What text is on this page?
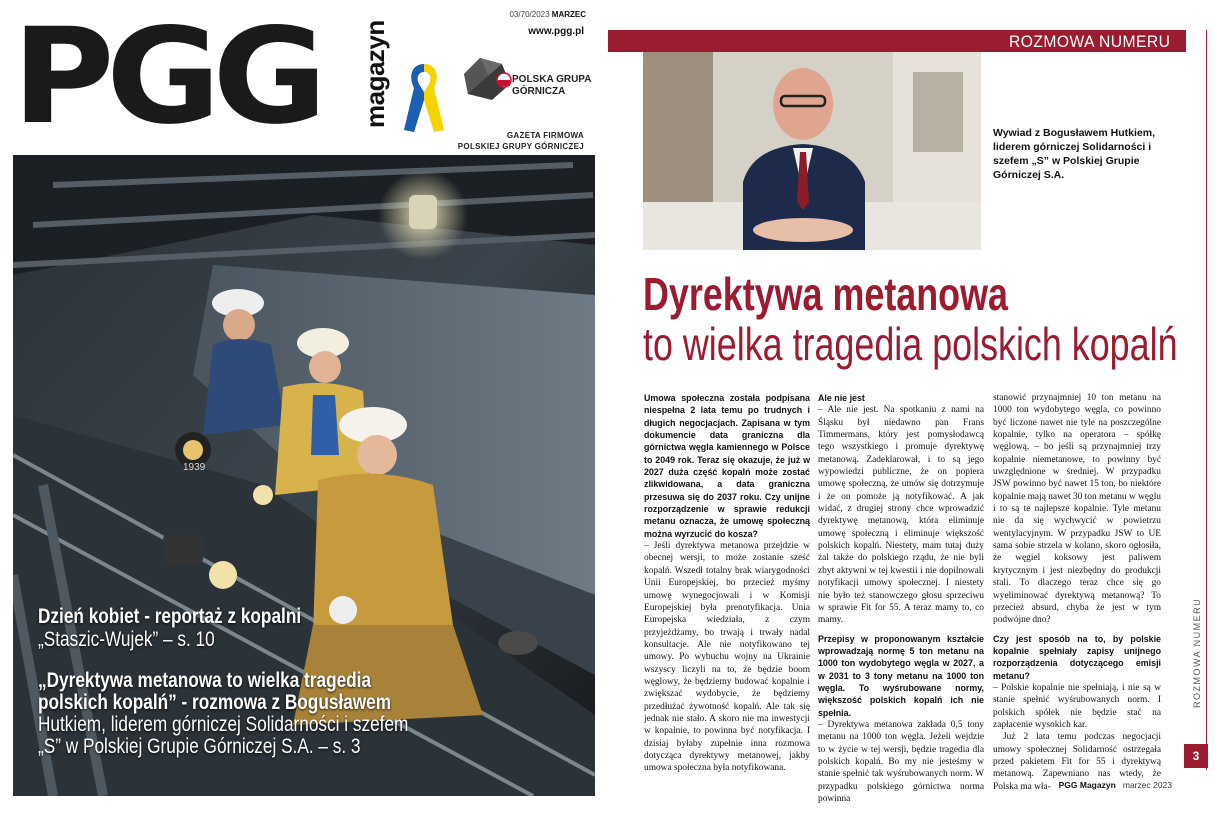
PGG magazyn
03/70/2023 MARZEC
www.pgg.pl
POLSKA GRUPA
GÓRNICZA
GAZETA FIRMOWA
POLSKIEJ GRUPY GÓRNICZEJ
1939
Dzień kobiet - reportaż z kopalni
„Staszic-Wujek” – s. 10
„Dyrektywa metanowa to wielka tragedia
polskich kopalń” - rozmowa z Bogusławem
Hutkiem, liderem górniczej Solidarności i szefem
„S” w Polskiej Grupie Górniczej S.A. – s. 3
ROZMOWA NUMERU
Wywiad z Bogusławem Hutkiem, liderem górniczej Solidarności i szefem „S” w Polskiej Grupie Górniczej S.A.
Dyrektywa metanowa
to wielka tragedia polskich kopalń

Umowa społeczna została podpisana niespełna 2 lata temu po trudnych i długich negocjacjach. Zapisana w tym dokumencie data graniczna dla górnictwa węgla kamiennego w Polsce to 2049 rok. Teraz się okazuje, że już w 2027 duża część kopalń może zostać zlikwidowana, a data graniczna przesuwa się do 2037 roku. Czy unijne rozporządzenie w sprawie redukcji metanu oznacza, że umowę społeczną można wyrzucić do kosza?

– Jeśli dyrektywa metanowa przejdzie w obecnej wersji, to może zostanie sześć kopalń. Wszedł totalny brak wiarygodności Unii Europejskiej, bo przecież myśmy umowę wynegocjowali i w Komisji Europejskiej była prenotyfikacja. Unia Europejska wiedziała, z czym przyjeżdżamy, bo trwają i trwały nadal konsultacje. Ale nie notyfikowano tej umowy. Po wybuchu wojny na Ukrainie wszyscy liczyli na to, że będzie boom węglowy, że będziemy budować kopalnie i zwiększać wydobycie, że będziemy przedłużać żywotność kopalń. Ale tak się jednak nie stało. A skoro nie ma inwestycji w kopalnie, to powinna być notyfikacja. I dzisiaj byłaby zupełnie inna rozmowa dotycząca dyrektywy metanowej, jakby umowa społeczna była notyfikowana.

Ale nie jest

– Ale nie jest. Na spotkaniu z nami na Śląsku był niedawno pan Frans Timmermans, który jest pomysłodawcą tego wszystkiego i promuje dyrektywę metanową. Zadeklarował, i to są jego wypowiedzi publiczne, że on popiera umowę społeczną, że umów się dotrzymuje i że on pomoże ją notyfikować. A jak widać, z drugiej strony chce wprowadzić dyrektywę metanową, która eliminuje umowę społeczną i eliminuje większość polskich kopalń. Niestety, mam tutaj duży żal także do polskiego rządu, że nie byli zbyt aktywni w tej kwestii i nie dopilnowali notyfikacji umowy społecznej. I niestety nie było też stanowczego głosu sprzeciwu w sprawie Fit for 55. A teraz mamy to, co mamy.

Przepisy w proponowanym kształcie wprowadzają normę 5 ton metanu na 1000 ton wydobytego węgla w 2027, a w 2031 to 3 tony metanu na 1000 ton węgla. To wyśrubowane normy, większość polskich kopalń ich nie spełnia.

– Dyrektywa metanowa zakłada 0,5 tony metanu na 1000 ton węgla. Jeżeli wejdzie to w życie w tej wersji, będzie tragedia dla polskich kopalń. Bo my nie jesteśmy w stanie spełnić tak wyśrubowanych norm. W przypadku polskiego górnictwa norma powinna

stanowić przynajmniej 10 ton metanu na 1000 ton wydobytego węgla, co powinno być liczone nawet nie tyle na poszczególne kopalnie, tylko na operatora – spółkę węglową, – bo jeśli są przynajmniej trzy kopalnie niemetanowe, to powinny być uwzględnione w średniej. W przypadku JSW powinno być nawet 15 ton, bo niektóre kopalnie mają nawet 30 ton metanu w węglu i to są te najlepsze kopalnie. Tyle metanu nie da się wychwycić w powietrzu wentylacyjnym. W przypadku JSW to UE sama sobie strzela w kolano, skoro ogłosiła, że węgiel koksowy jest paliwem krytycznym i jest niezbędny do produkcji stali. To dlaczego teraz chce się go wyeliminować dyrektywą metanową? To przecież absurd, chyba że jest w tym podwójne dno?

Czy jest sposób na to, by polskie kopalnie spełniały zapisy unijnego rozporządzenia dotyczącego emisji metanu?

– Polskie kopalnie nie spełniają, i nie są w stanie spełnić wyśrubowanych norm. I polskich spółek nie będzie stać na zapłacenie wysokich kar.

Już 2 lata temu podczas negocjacji umowy społecznej Solidarność ostrzegała przed pakietem Fit for 55 i dyrektywą metanową. Zapewniano nas wtedy, że Polska ma wła-

ROZMOWA NUMERU
3
PGG Magazyn marzec 2023
